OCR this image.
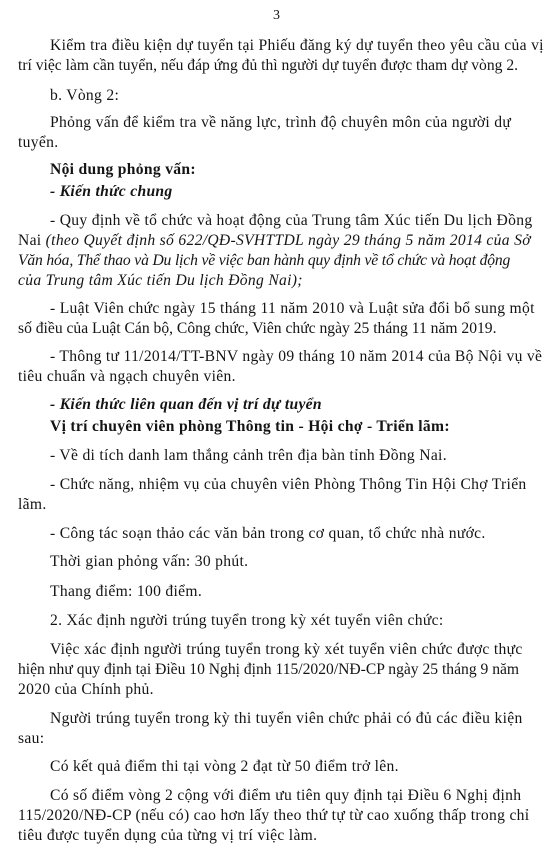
3
Kiểm tra điều kiện dự tuyển tại Phiếu đăng ký dự tuyển theo yêu cầu của vị
trí việc làm cần tuyển, nếu đáp ứng đủ thì người dự tuyển được tham dự vòng 2.
b. Vòng 2:
Phỏng vấn để kiểm tra về năng lực, trình độ chuyên môn của người dự
tuyển.
Nội dung phỏng vấn:
- Kiến thức chung
- Quy định về tổ chức và hoạt động của Trung tâm Xúc tiến Du lịch Đồng
Nai (theo Quyết định số 622/QĐ-SVHTTDL ngày 29 tháng 5 năm 2014 của Sở
Văn hóa, Thể thao và Du lịch về việc ban hành quy định về tổ chức và hoạt động
của Trung tâm Xúc tiến Du lịch Đồng Nai);
- Luật Viên chức ngày 15 tháng 11 năm 2010 và Luật sửa đổi bổ sung một
số điều của Luật Cán bộ, Công chức, Viên chức ngày 25 tháng 11 năm 2019.
- Thông tư 11/2014/TT-BNV ngày 09 tháng 10 năm 2014 của Bộ Nội vụ về
tiêu chuẩn và ngạch chuyên viên.
- Kiến thức liên quan đến vị trí dự tuyển
Vị trí chuyên viên phòng Thông tin - Hội chợ - Triển lãm:
- Về di tích danh lam thắng cảnh trên địa bàn tỉnh Đồng Nai.
- Chức năng, nhiệm vụ của chuyên viên Phòng Thông Tin Hội Chợ Triển
lãm.
- Công tác soạn thảo các văn bản trong cơ quan, tổ chức nhà nước.
Thời gian phỏng vấn: 30 phút.
Thang điểm: 100 điểm.
2. Xác định người trúng tuyển trong kỳ xét tuyển viên chức:
Việc xác định người trúng tuyển trong kỳ xét tuyển viên chức được thực
hiện như quy định tại Điều 10 Nghị định 115/2020/NĐ-CP ngày 25 tháng 9 năm
2020 của Chính phủ.
Người trúng tuyển trong kỳ thi tuyển viên chức phải có đủ các điều kiện
sau:
Có kết quả điểm thi tại vòng 2 đạt từ 50 điểm trở lên.
Có số điểm vòng 2 cộng với điểm ưu tiên quy định tại Điều 6 Nghị định
115/2020/NĐ-CP (nếu có) cao hơn lấy theo thứ tự từ cao xuống thấp trong chỉ
tiêu được tuyển dụng của từng vị trí việc làm.
